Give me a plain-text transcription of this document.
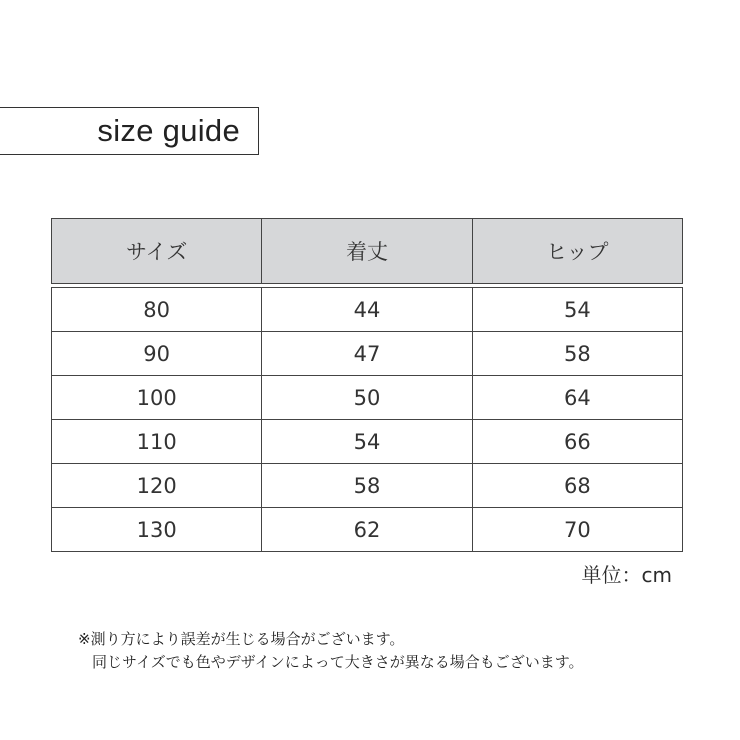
size guide
サイズ	着丈	ヒップ

80	44	54
90	47	58
100	50	64
110	54	66
120	58	68
130	62	70
単位：cm
※測り方により誤差が生じる場合がございます。
同じサイズでも色やデザインによって大きさが異なる場合もございます。
